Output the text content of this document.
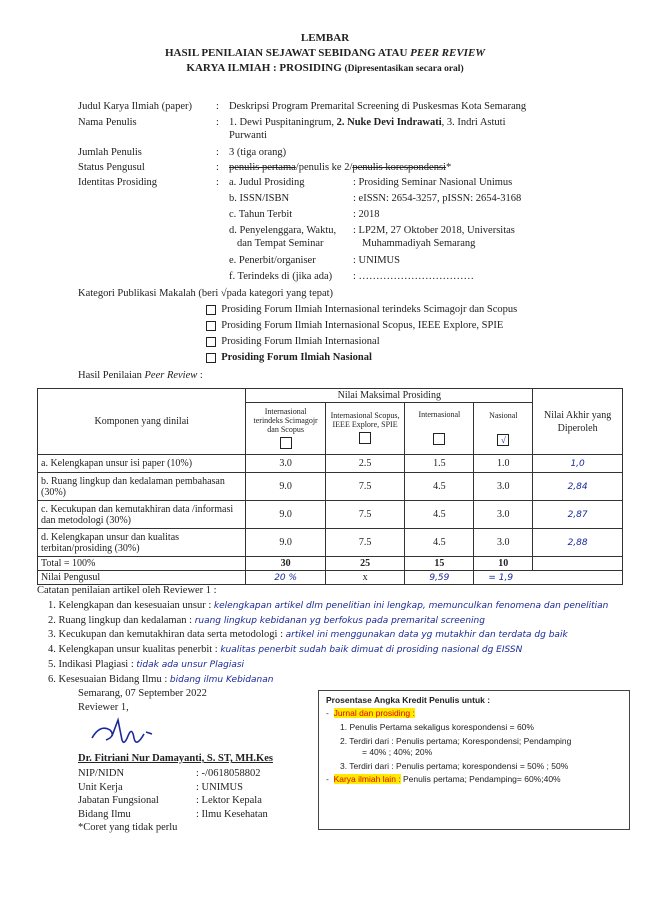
LEMBAR
HASIL PENILAIAN SEJAWAT SEBIDANG ATAU PEER REVIEW
KARYA ILMIAH : PROSIDING (Dipresentasikan secara oral)
Judul Karya Ilmiah (paper) : Deskripsi Program Premarital Screening di Puskesmas Kota Semarang
Nama Penulis	: 1. Dewi Puspitaningrum, 2. Nuke Devi Indrawati, 3. Indri Astuti
Purwanti
Jumlah Penulis	: 3 (tiga orang)
Status Pengusul	: penulis pertama/penulis ke 2/penulis korespondensi*
Identitas Prosiding	: a. Judul Prosiding	: Prosiding Seminar Nasional Unimus
b. ISSN/ISBN	: eISSN: 2654-3257, pISSN: 2654-3168
c. Tahun Terbit	: 2018
d. Penyelenggara, Waktu,
dan Tempat Seminar
: LP2M, 27 Oktober 2018, Universitas
Muhammadiyah Semarang
e. Penerbit/organiser	: UNIMUS
f. Terindeks di (jika ada) : ……………………………
Kategori Publikasi Makalah (beri √pada kategori yang tepat)
Prosiding Forum Ilmiah Internasional terindeks Scimagojr dan Scopus
Prosiding Forum Ilmiah Internasional Scopus, IEEE Explore, SPIE
Prosiding Forum Ilmiah Internasional
Prosiding Forum Ilmiah Nasional
Hasil Penilaian Peer Review :
Komponen yang dinilai	Nilai Maksimal Prosiding				Nilai Akhir yang Diperoleh

	Internasional terindeks Scimagojr dan Scopus	Internasional Scopus, IEEE Explore, SPIE	Internasional	Nasional
√	

a. Kelengkapan unsur isi paper (10%)	3.0	2.5	1.5	1.0	1,0
b. Ruang lingkup dan kedalaman pembahasan (30%)	9.0	7.5	4.5	3.0	2,84
c. Kecukupan dan kemutakhiran data /informasi dan metodologi (30%)	9.0	7.5	4.5	3.0	2,87
d. Kelengkapan unsur dan kualitas terbitan/prosiding (30%)	9.0	7.5	4.5	3.0	2,88
Total = 100%	30	25	15	10	
Nilai Pengusul	20 %	x	9,59	= 1,9	
Catatan penilaian artikel oleh Reviewer 1 :
1. Kelengkapan dan kesesuaian unsur : kelengkapan artikel dlm penelitian ini lengkap, memunculkan fenomena dan penelitian
2. Ruang lingkup dan kedalaman : ruang lingkup kebidanan yg berfokus pada premarital screening
3. Kecukupan dan kemutakhiran data serta metodologi : artikel ini menggunakan data yg mutakhir dan terdata dg baik
4. Kelengkapan unsur kualitas penerbit : kualitas penerbit sudah baik dimuat di prosiding nasional dg EISSN
5. Indikasi Plagiasi : tidak ada unsur Plagiasi
6. Kesesuaian Bidang Ilmu : bidang ilmu Kebidanan
Semarang, 07 September 2022
Reviewer 1,
Dr. Fitriani Nur Damayanti, S. ST, MH.Kes
NIP/NIDN	: -/0618058802
Unit Kerja	: UNIMUS
Jabatan Fungsional	: Lektor Kepala
Bidang Ilmu	: Ilmu Kesehatan
*Coret yang tidak perlu
Prosentase Angka Kredit Penulis untuk :
-  Jurnal dan prosiding :
1. Penulis Pertama sekaligus korespondensi = 60%
2. Terdiri dari : Penulis pertama; Korespondensi; Pendamping
= 40% ; 40%; 20%
3. Terdiri dari : Penulis pertama; korespondensi = 50% ; 50%
-  Karya ilmiah lain : Penulis pertama; Pendamping= 60%;40%
